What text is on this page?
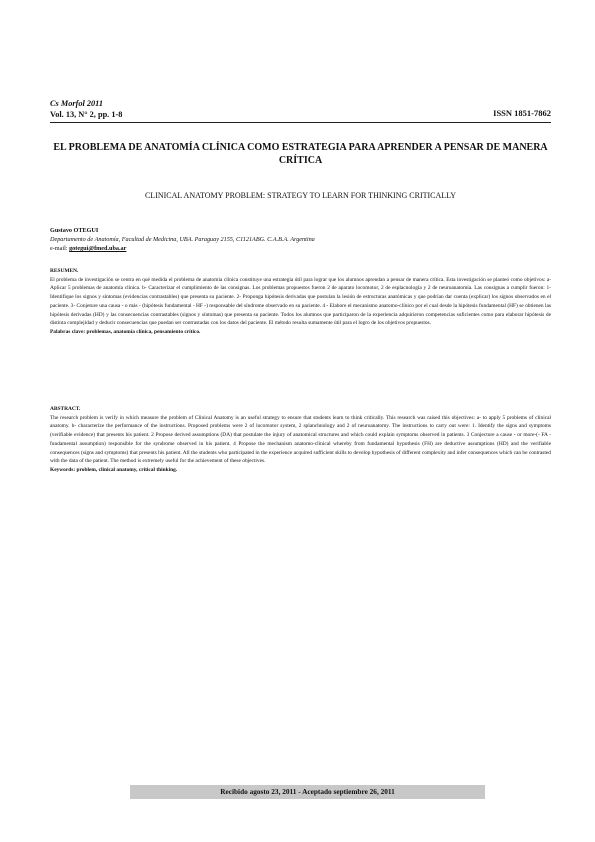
Cs Morfol 2011
Vol. 13, N° 2, pp. 1-8	ISSN 1851-7862
EL PROBLEMA DE ANATOMÍA CLÍNICA COMO ESTRATEGIA PARA APRENDER A PENSAR DE MANERA CRÍTICA
CLINICAL ANATOMY PROBLEM: STRATEGY TO LEARN FOR THINKING CRITICALLY
Gustavo OTEGUI
Departamento de Anatomía, Facultad de Medicina, UBA. Paraguay 2155, C1121ABG. C.A.B.A. Argentina
e-mail: gotegui@fmed.uba.ar
RESUMEN.
El problema de investigación se centra en qué medida el problema de anatomía clínica constituye una estrategia útil para lograr que los alumnos aprendan a pensar de manera crítica. Esta investigación se planteó como objetivos: a- Aplicar 5 problemas de anatomía clínica. b- Caracterizar el cumplimiento de las consignas. Los problemas propuestos fueron 2 de aparato locomotor, 2 de esplacnología y 2 de neuroanatomía. Las consignas a cumplir fueron: 1- Identifique los signos y síntomas (evidencias contrastables) que presenta su paciente. 2- Proponga hipótesis derivadas que postulan la lesión de estructuras anatómicas y que podrían dar cuenta (explicar) los signos observados en el paciente. 3- Conjeture una causa - o más - (hipótesis fundamental - HF -) responsable del síndrome observado en su paciente. 4 - Elabore el mecanismo anatomo-clínico por el cual desde la hipótesis fundamental (HF) se obtienen las hipótesis derivadas (HD) y las consecuencias contrastables (signos y síntomas) que presenta su paciente. Todos los alumnos que participaron de la experiencia adquirieron competencias suficientes como para elaborar hipótesis de distinta complejidad y deducir consecuencias que puedan ser contrastadas con los datos del paciente. El método resulta sumamente útil para el logro de los objetivos propuestos.
Palabras clave: problemas, anatomía clínica, pensamiento crítico.
ABSTRACT.
The research problem is verify in which measure the problem of Clinical Anatomy is an useful strategy to ensure that students learn to think critically. This research was raised this objectives: a- to apply 5 problems of clinical anatomy. b- characterize the performance of the instructions. Proposed problems were 2 of locomotor system, 2 splanchnology and 2 of neuroanatomy. The instructions to carry out were: 1. Identify the signs and symptoms (verifiable evidence) that presents his patient. 2 Propose derived assumptions (DA) that postulate the injury of anatomical structures and which could explain symptoms observed in patients. 3 Conjecture a cause - or more-(- FA - fundamental assumption) responsible for the syndrome observed in his patient. 4 Propose the mechanism anatomo-clinical whereby from fundamental hypothesis (FH) are deductive assumptions (HD) and the verifiable consequences (signs and symptoms) that presents his patient. All the students who participated in the experience acquired sufficient skills to develop hypothesis of different complexity and infer consequences which can be contrasted with the data of the patient. The method is extremely useful for the achievement of these objectives.
Keywords: problem, clinical anatomy, critical thinking.
Recibido agosto 23, 2011 - Aceptado septiembre 26, 2011
